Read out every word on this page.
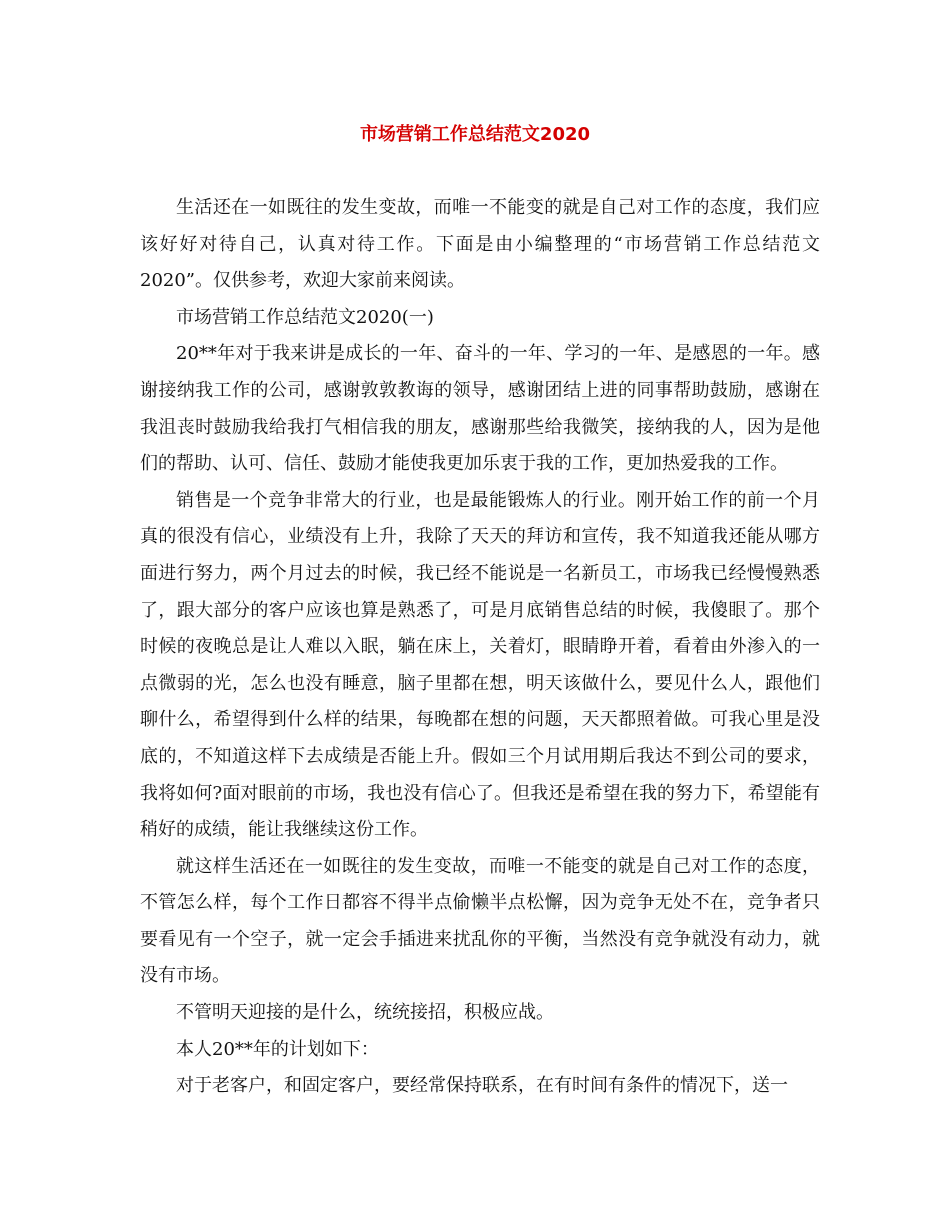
市场营销工作总结范文2020

生活还在一如既往的发生变故，而唯一不能变的就是自己对工作的态度，我们应该好好对待自己，认真对待工作。下面是由小编整理的“市场营销工作总结范文2020”。仅供参考，欢迎大家前来阅读。

市场营销工作总结范文2020(一)

20**年对于我来讲是成长的一年、奋斗的一年、学习的一年、是感恩的一年。感谢接纳我工作的公司，感谢敦敦教诲的领导，感谢团结上进的同事帮助鼓励，感谢在我沮丧时鼓励我给我打气相信我的朋友，感谢那些给我微笑，接纳我的人，因为是他们的帮助、认可、信任、鼓励才能使我更加乐衷于我的工作，更加热爱我的工作。

销售是一个竞争非常大的行业，也是最能锻炼人的行业。刚开始工作的前一个月真的很没有信心，业绩没有上升，我除了天天的拜访和宣传，我不知道我还能从哪方面进行努力，两个月过去的时候，我已经不能说是一名新员工，市场我已经慢慢熟悉了，跟大部分的客户应该也算是熟悉了，可是月底销售总结的时候，我傻眼了。那个时候的夜晚总是让人难以入眠，躺在床上，关着灯，眼睛睁开着，看着由外渗入的一点微弱的光，怎么也没有睡意，脑子里都在想，明天该做什么，要见什么人，跟他们聊什么，希望得到什么样的结果，每晚都在想的问题，天天都照着做。可我心里是没底的，不知道这样下去成绩是否能上升。假如三个月试用期后我达不到公司的要求，我将如何?面对眼前的市场，我也没有信心了。但我还是希望在我的努力下，希望能有稍好的成绩，能让我继续这份工作。

就这样生活还在一如既往的发生变故，而唯一不能变的就是自己对工作的态度，不管怎么样，每个工作日都容不得半点偷懒半点松懈，因为竞争无处不在，竞争者只要看见有一个空子，就一定会手插进来扰乱你的平衡，当然没有竞争就没有动力，就没有市场。

不管明天迎接的是什么，统统接招，积极应战。

本人20**年的计划如下：

对于老客户，和固定客户，要经常保持联系，在有时间有条件的情况下，送一
